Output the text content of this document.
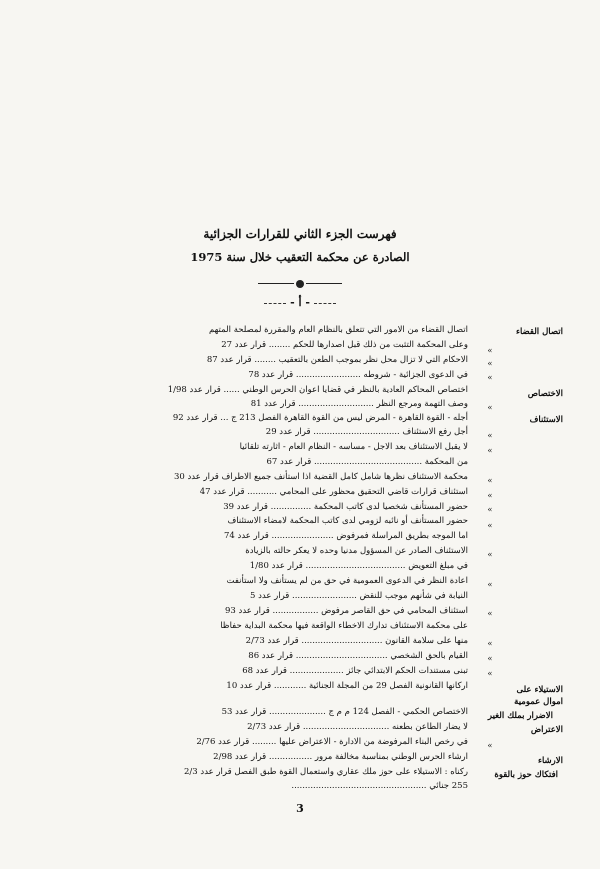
فهرست الجزء الثاني للقرارات الجزائية
الصادرة عن محكمة التعقيب خلال سنة 1975
- أ -
اتصال القضاء من الامور التي تتعلق بالنظام العام والمقررة لمصلحة المتهم
وعلى المحكمة التثبت من ذلك قبل اصدارها للحكم ........ قرار عدد 27
الاحكام التي لا تزال محل نظر بموجب الطعن بالتعقيب ........ قرار عدد 87
في الدعوى الجزائية - شروطه ........................ قرار عدد 78
اختصاص المحاكم العادية بالنظر في قضايا اعوان الحرس الوطني ...... قرار عدد 1/98
وصف التهمة ومرجع النظر ............................ قرار عدد 81
أجله - القوة القاهرة - المرض ليس من القوة القاهرة الفصل 213 ج ... قرار عدد 92
أجل رفع الاستئناف ................................ قرار عدد 29
لا يقبل الاستئناف بعد الاجل - مساسه - النظام العام - اثارته تلقائيا
من المحكمة ........................................ قرار عدد 67
محكمة الاستئناف نظرها شامل كامل القضية اذا استأنف جميع الاطراف قرار عدد 30
استئناف قرارات قاضي التحقيق محظور على المحامي ........... قرار عدد 47
حضور المستأنف شخصيا لدى كاتب المحكمة ............... قرار عدد 39
حضور المستأنف أو نائبه لزومي لدى كاتب المحكمة لامضاء الاستئناف
اما الموجه بطريق المراسلة فمرفوض ....................... قرار عدد 74
الاستئناف الصادر عن المسؤول مدنيا وحده لا يعكر حالته بالزيادة
في مبلغ التعويض ..................................... قرار عدد 1/80
اعادة النظر في الدعوى العمومية في حق من لم يستأنف ولا استأنفت
النيابة في شأنهم موجب للنقض ........................ قرار عدد 5
استئناف المحامي في حق القاصر مرفوض ................. قرار عدد 93
على محكمة الاستئناف تدارك الاخطاء الواقعة فيها محكمة البداية حفاظا
منها على سلامة القانون .............................. قرار عدد 2/73
القيام بالحق الشخصي .................................. قرار عدد 86
تبنى مستندات الحكم الابتدائي جائز .................... قرار عدد 68
اركانها القانونية الفصل 29 من المجلة الجنائية ............ قرار عدد 10
الاختصاص الحكمي - الفصل 124 م م ج ..................... قرار عدد 53
لا يضار الطاعن بطعنه ................................ قرار عدد 2/73
في رخص البناء المرفوضة من الادارة - الاعتراض عليها ......... قرار عدد 2/76
ارشاء الحرس الوطني بمناسبة مخالفة مرور ................ قرار عدد 2/98
ركناه : الاستيلاء على حوز ملك عقاري واستعمال القوة طبق الفصل قرار عدد 2/3
255 جنائي ..................................................
اتصال القضاء
»
»
»
الاختصاص
»
الاستئناف
»
»
»
»
»
»
»
»
»
»
»
»
الاستيلاء على
اموال عمومية
الاضرار بملك الغير
الاعتراض
»
الارشاء
افتكاك حوز بالقوة
3
